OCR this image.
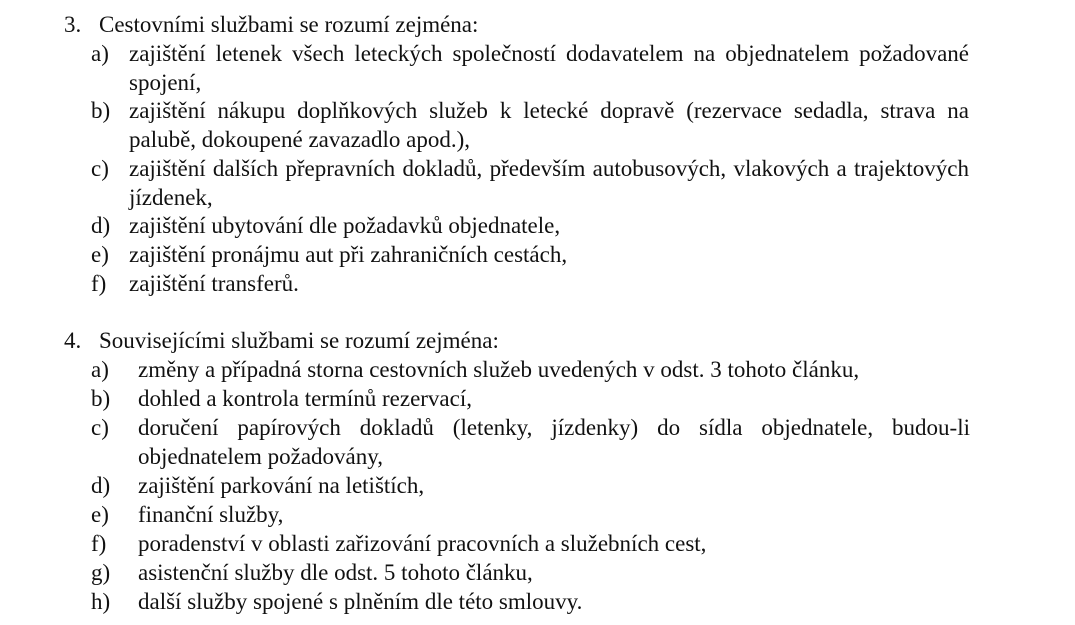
3. Cestovními službami se rozumí zejména:
a) zajištění letenek všech leteckých společností dodavatelem na objednatelem požadované spojení,
b) zajištění nákupu doplňkových služeb k letecké dopravě (rezervace sedadla, strava na palubě, dokoupené zavazadlo apod.),
c) zajištění dalších přepravních dokladů, především autobusových, vlakových a trajektových jízdenek,
d) zajištění ubytování dle požadavků objednatele,
e) zajištění pronájmu aut při zahraničních cestách,
f) zajištění transferů.
4. Souvisejícími službami se rozumí zejména:
a) změny a případná storna cestovních služeb uvedených v odst. 3 tohoto článku,
b) dohled a kontrola termínů rezervací,
c) doručení papírových dokladů (letenky, jízdenky) do sídla objednatele, budou-li objednatelem požadovány,
d) zajištění parkování na letištích,
e) finanční služby,
f) poradenství v oblasti zařizování pracovních a služebních cest,
g) asistenční služby dle odst. 5 tohoto článku,
h) další služby spojené s plněním dle této smlouvy.
